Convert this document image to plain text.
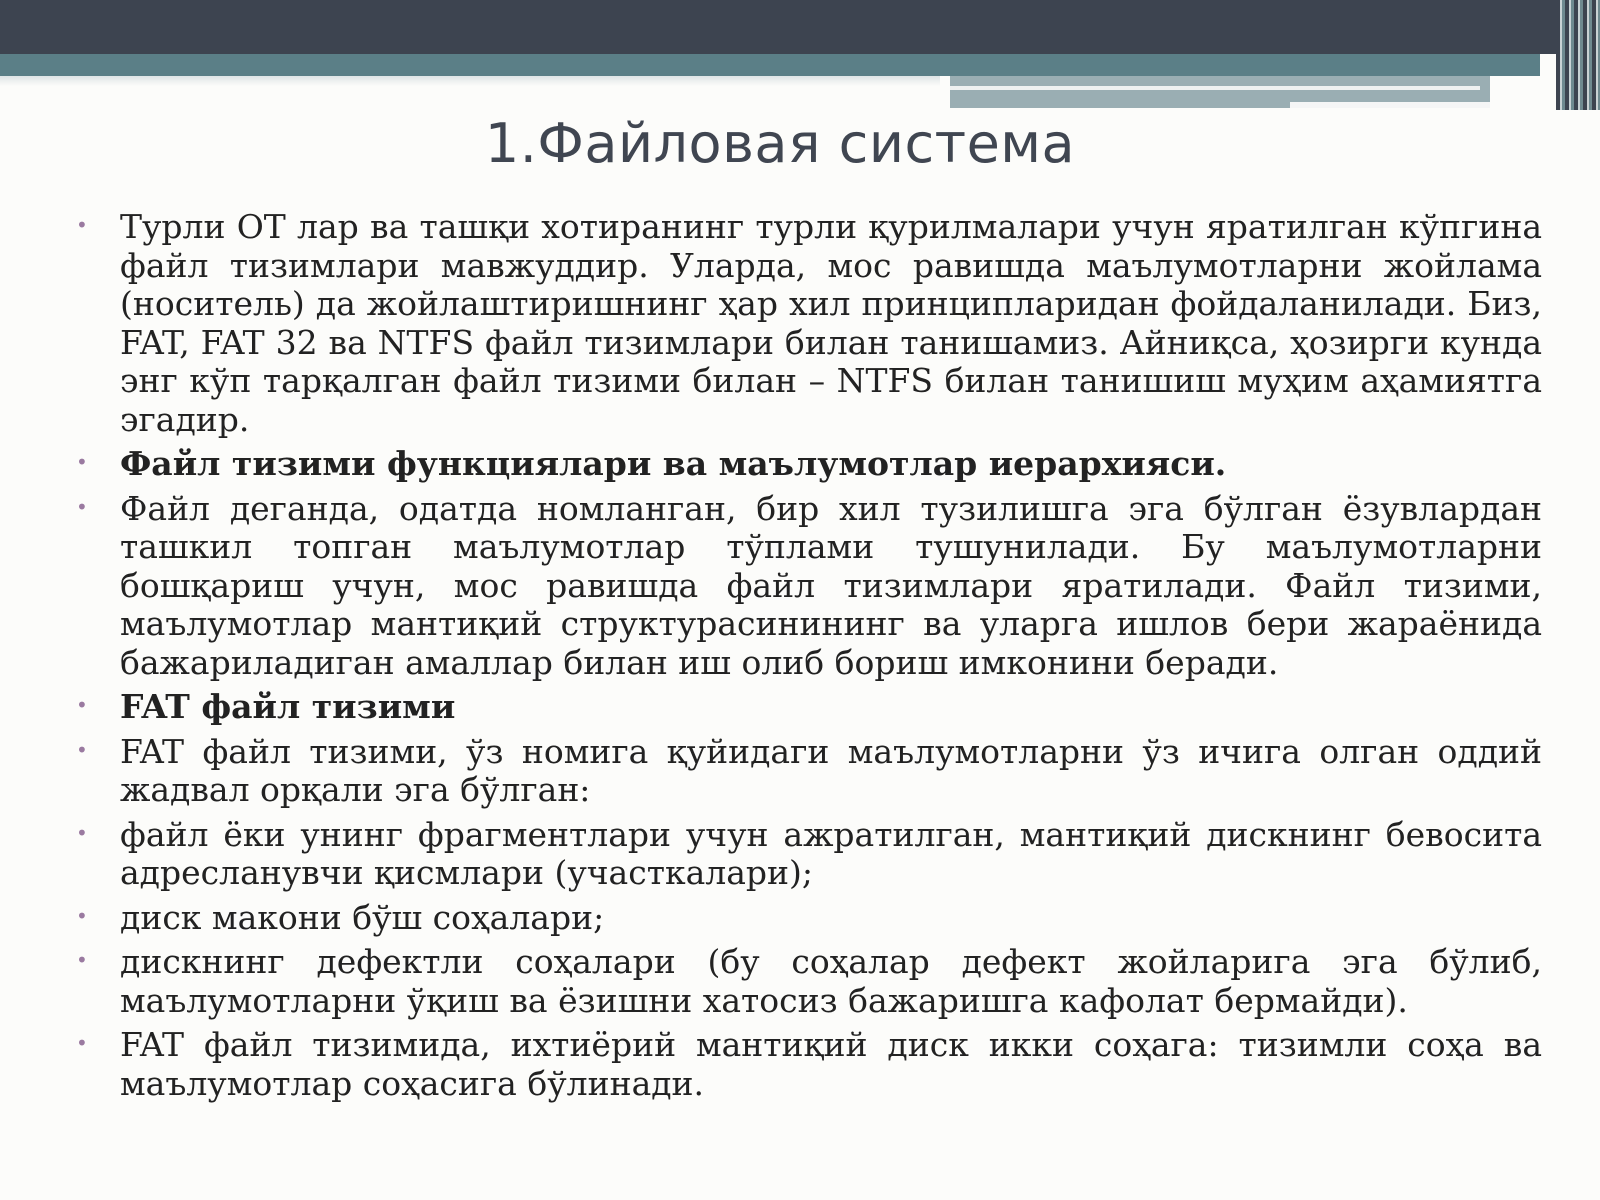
1.Файловая система
• Турли ОТ лар ва ташқи хотиранинг турли қурилмалари учун яратилган кўпгина файл тизимлари мавжуддир. Уларда, мос равишда маълумотларни жойлама (носитель) да жойлаштиришнинг ҳар хил принципларидан фойдаланилади. Биз, FAT, FAT 32 ва NTFS файл тизимлари билан танишамиз. Айниқса, ҳозирги кунда энг кўп тарқалган файл тизими билан – NTFS билан танишиш муҳим аҳамиятга эгадир.
• Файл тизими функциялари ва маълумотлар иерархияси.
• Файл деганда, одатда номланган, бир хил тузилишга эга бўлган ёзувлардан ташкил топган маълумотлар тўплами тушунилади. Бу маълумотларни бошқариш учун, мос равишда файл тизимлари яратилади. Файл тизими, маълумотлар мантиқий структурасинининг ва уларга ишлов бери жараёнида бажариладиган амаллар билан иш олиб бориш имконини беради.
• FAT файл тизими
• FAT файл тизими, ўз номига қуйидаги маълумотларни ўз ичига олган оддий жадвал орқали эга бўлган:
• файл ёки унинг фрагментлари учун ажратилган, мантиқий дискнинг бевосита адресланувчи қисмлари (участкалари);
• диск макони бўш соҳалари;
• дискнинг дефектли соҳалари (бу соҳалар дефект жойларига эга бўлиб, маълумотларни ўқиш ва ёзишни хатосиз бажаришга кафолат бермайди).
• FAT файл тизимида, ихтиёрий мантиқий диск икки соҳага: тизимли соҳа ва маълумотлар соҳасига бўлинади.
